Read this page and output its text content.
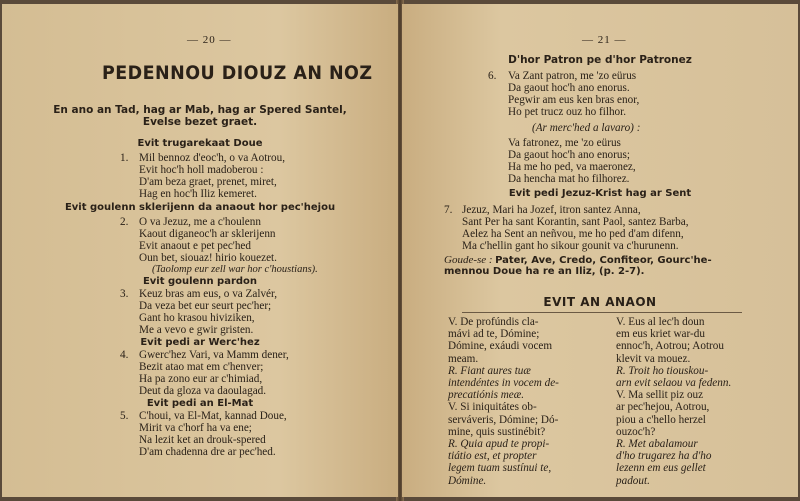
— 20 —
PEDENNOU DIOUZ AN NOZ
En ano an Tad, hag ar Mab, hag ar Spered Santel,
Evelse bezet graet.
Evit trugarekaat Doue
1. Mil bennoz d'eoc'h, o va Aotrou,
Evit hoc'h holl madoberou :
D'am beza graet, prenet, miret,
Hag en hoc'h Iliz kemeret.
Evit goulenn sklerijenn da anaout hor pec'hejou
2. O va Jezuz, me a c'houlenn
Kaout diganeoc'h ar sklerijenn
Evit anaout e pet pec'hed
Oun bet, siouaz! hirio kouezet.
(Taolomp eur zell war hor c'houstians).
Evit goulenn pardon
3. Keuz bras am eus, o va Zalvér,
Da veza bet eur seurt pec'her;
Gant ho krasou hiviziken,
Me a vevo e gwir gristen.
Evit pedi ar Werc'hez
4. Gwerc'hez Vari, va Mamm dener,
Bezit atao mat em c'henver;
Ha pa zono eur ar c'himiad,
Deut da gloza va daoulagad.
Evit pedi an El-Mat
5. C'houi, va El-Mat, kannad Doue,
Mirit va c'horf ha va ene;
Na lezit ket an drouk-spered
D'am chadenna dre ar pec'hed.
— 21 —
D'hor Patron pe d'hor Patronez
6. Va Zant patron, me 'zo eürus
Da gaout hoc'h ano enorus.
Pegwir am eus ken bras enor,
Ho pet trucz ouz ho filhor.
(Ar merc'hed a lavaro) :
Va fatronez, me 'zo eürus
Da gaout hoc'h ano enorus;
Ha me ho ped, va maeronez,
Da hencha mat ho filhorez.
Evit pedi Jezuz-Krist hag ar Sent
7. Jezuz, Mari ha Jozef, itron santez Anna,
Sant Per ha sant Korantin, sant Paol, santez Barba,
Aelez ha Sent an neñvou, me ho ped d'am difenn,
Ma c'hellin gant ho sikour gounit va c'hurunenn.
Goude-se : Pater, Ave, Credo, Confiteor, Gourc'he-
mennou Doue ha re an Iliz, (p. 2-7).
EVIT AN ANAON
V. De profúndis cla-
mávi ad te, Dómine;
Dómine, exáudi vocem
meam.
R. Fiant aures tuæ
intendéntes in vocem de-
precatiónis meæ.
V. Si iniquitátes ob-
serváveris, Dómine; Dó-
mine, quis sustinébit?
R. Quia apud te propi-
tiátio est, et propter
legem tuam sustínui te,
Dómine.
V. Eus al lec'h doun
em eus kriet war-du
ennoc'h, Aotrou; Aotrou
klevit va mouez.
R. Troit ho tiouskou-
arn evit selaou va fedenn.
V. Ma sellit piz ouz
ar pec'hejou, Aotrou,
piou a c'hello herzel
ouzoc'h?
R. Met abalamour
d'ho trugarez ha d'ho
lezenn em eus gellet
padout.
